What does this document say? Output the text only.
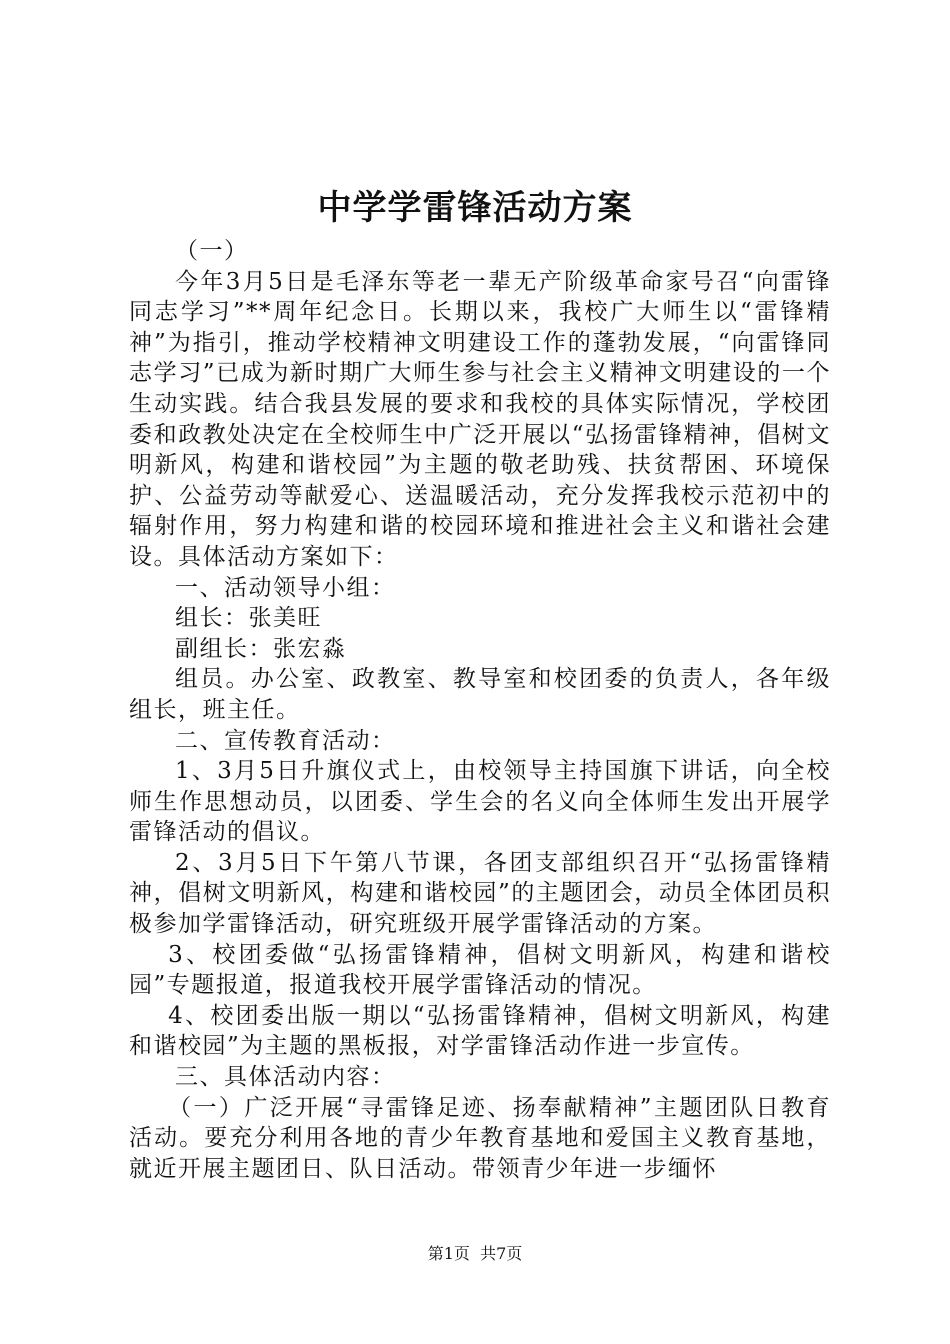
中学学雷锋活动方案

（一）

今年3月5日是毛泽东等老一辈无产阶级革命家号召“向雷锋同志学习”**周年纪念日。长期以来，我校广大师生以“雷锋精神”为指引，推动学校精神文明建设工作的蓬勃发展，“向雷锋同志学习”已成为新时期广大师生参与社会主义精神文明建设的一个生动实践。结合我县发展的要求和我校的具体实际情况，学校团委和政教处决定在全校师生中广泛开展以“弘扬雷锋精神，倡树文明新风，构建和谐校园”为主题的敬老助残、扶贫帮困、环境保护、公益劳动等献爱心、送温暖活动，充分发挥我校示范初中的辐射作用，努力构建和谐的校园环境和推进社会主义和谐社会建设。具体活动方案如下：

一、活动领导小组：

组长：张美旺

副组长：张宏淼

组员。办公室、政教室、教导室和校团委的负责人，各年级组长，班主任。

二、宣传教育活动：

1、3月5日升旗仪式上，由校领导主持国旗下讲话，向全校师生作思想动员，以团委、学生会的名义向全体师生发出开展学雷锋活动的倡议。

2、3月5日下午第八节课，各团支部组织召开“弘扬雷锋精神，倡树文明新风，构建和谐校园”的主题团会，动员全体团员积极参加学雷锋活动，研究班级开展学雷锋活动的方案。

3、校团委做“弘扬雷锋精神，倡树文明新风，构建和谐校园”专题报道，报道我校开展学雷锋活动的情况。

4、校团委出版一期以“弘扬雷锋精神，倡树文明新风，构建和谐校园”为主题的黑板报，对学雷锋活动作进一步宣传。

三、具体活动内容：

（一）广泛开展“寻雷锋足迹、扬奉献精神”主题团队日教育活动。要充分利用各地的青少年教育基地和爱国主义教育基地，就近开展主题团日、队日活动。带领青少年进一步缅怀

第1页 共7页
